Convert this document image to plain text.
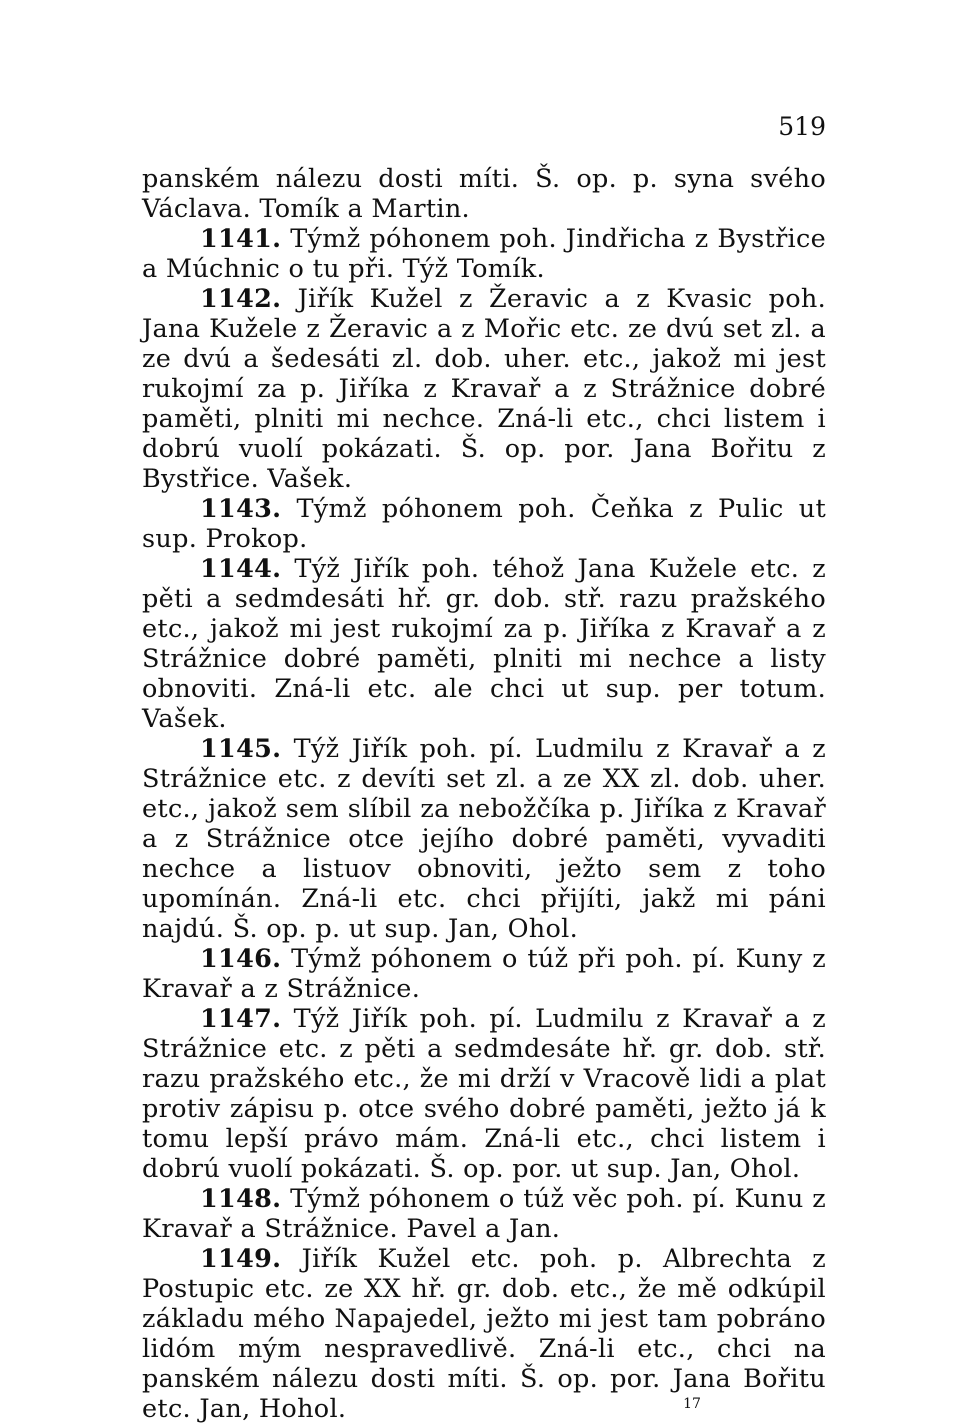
519

panském nálezu dosti míti. Š. op. p. syna svého Václava. Tomík a Martin.

1141. Týmž póhonem poh. Jindřicha z Bystřice a Múchnic o tu při. Týž Tomík.

1142. Jiřík Kužel z Žeravic a z Kvasic poh. Jana Kužele z Žeravic a z Mořic etc. ze dvú set zl. a ze dvú a šedesáti zl. dob. uher. etc., jakož mi jest rukojmí za p. Jiříka z Kravař a z Strážnice dobré paměti, plniti mi nechce. Zná-li etc., chci listem i dobrú vuolí pokázati. Š. op. por. Jana Bořitu z Bystřice. Vašek.

1143. Týmž póhonem poh. Čeňka z Pulic ut sup. Prokop.

1144. Týž Jiřík poh. téhož Jana Kužele etc. z pěti a sedmdesáti hř. gr. dob. stř. razu pražského etc., jakož mi jest rukojmí za p. Jiříka z Kravař a z Strážnice dobré paměti, plniti mi nechce a listy obnoviti. Zná-li etc. ale chci ut sup. per totum. Vašek.

1145. Týž Jiřík poh. pí. Ludmilu z Kravař a z Strážnice etc. z devíti set zl. a ze XX zl. dob. uher. etc., jakož sem slíbil za nebožčíka p. Jiříka z Kravař a z Strážnice otce jejího dobré paměti, vyvaditi nechce a listuov obnoviti, ježto sem z toho upomínán. Zná-li etc. chci přijíti, jakž mi páni najdú. Š. op. p. ut sup. Jan, Ohol.

1146. Týmž póhonem o túž při poh. pí. Kuny z Kravař a z Strážnice.

1147. Týž Jiřík poh. pí. Ludmilu z Kravař a z Strážnice etc. z pěti a sedmdesáte hř. gr. dob. stř. razu pražského etc., že mi drží v Vracově lidi a plat protiv zápisu p. otce svého dobré paměti, ježto já k tomu lepší právo mám. Zná-li etc., chci listem i dobrú vuolí pokázati. Š. op. por. ut sup. Jan, Ohol.

1148. Týmž póhonem o túž věc poh. pí. Kunu z Kravař a Strážnice. Pavel a Jan.

1149. Jiřík Kužel etc. poh. p. Albrechta z Postupic etc. ze XX hř. gr. dob. etc., že mě odkúpil základu mého Napajedel, ježto mi jest tam pobráno lidóm mým nespravedlivě. Zná-li etc., chci na panském nálezu dosti míti. Š. op. por. Jana Bořitu etc. Jan, Hohol.	17
